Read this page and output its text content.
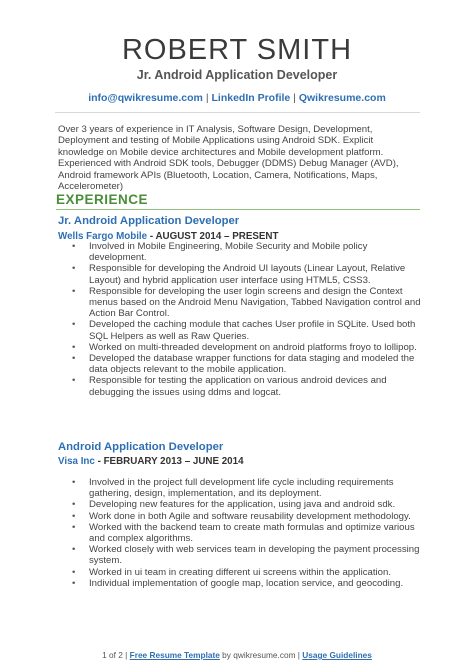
ROBERT SMITH
Jr. Android Application Developer
info@qwikresume.com | LinkedIn Profile | Qwikresume.com
Over 3 years of experience in IT Analysis, Software Design, Development, Deployment and testing of Mobile Applications using Android SDK. Explicit knowledge on Mobile device architectures and Mobile development platform. Experienced with Android SDK tools, Debugger (DDMS) Debug Manager (AVD), Android framework APIs (Bluetooth, Location, Camera, Notifications, Maps, Accelerometer)
EXPERIENCE
Jr. Android Application Developer
Wells Fargo Mobile - AUGUST 2014 – PRESENT
• Involved in Mobile Engineering, Mobile Security and Mobile policy development.
• Responsible for developing the Android UI layouts (Linear Layout, Relative Layout) and hybrid application user interface using HTML5, CSS3.
• Responsible for developing the user login screens and design the Context menus based on the Android Menu Navigation, Tabbed Navigation control and Action Bar Control.
• Developed the caching module that caches User profile in SQLite. Used both SQL Helpers as well as Raw Queries.
• Worked on multi-threaded development on android platforms froyo to lollipop.
• Developed the database wrapper functions for data staging and modeled the data objects relevant to the mobile application.
• Responsible for testing the application on various android devices and debugging the issues using ddms and logcat.
Android Application Developer
Visa Inc - FEBRUARY 2013 – JUNE 2014
• Involved in the project full development life cycle including requirements gathering, design, implementation, and its deployment.
• Developing new features for the application, using java and android sdk.
• Work done in both Agile and software reusability development methodology.
• Worked with the backend team to create math formulas and optimize various and complex algorithms.
• Worked closely with web services team in developing the payment processing system.
• Worked in ui team in creating different ui screens within the application.
• Individual implementation of google map, location service, and geocoding.
1 of 2 | Free Resume Template by qwikresume.com | Usage Guidelines
